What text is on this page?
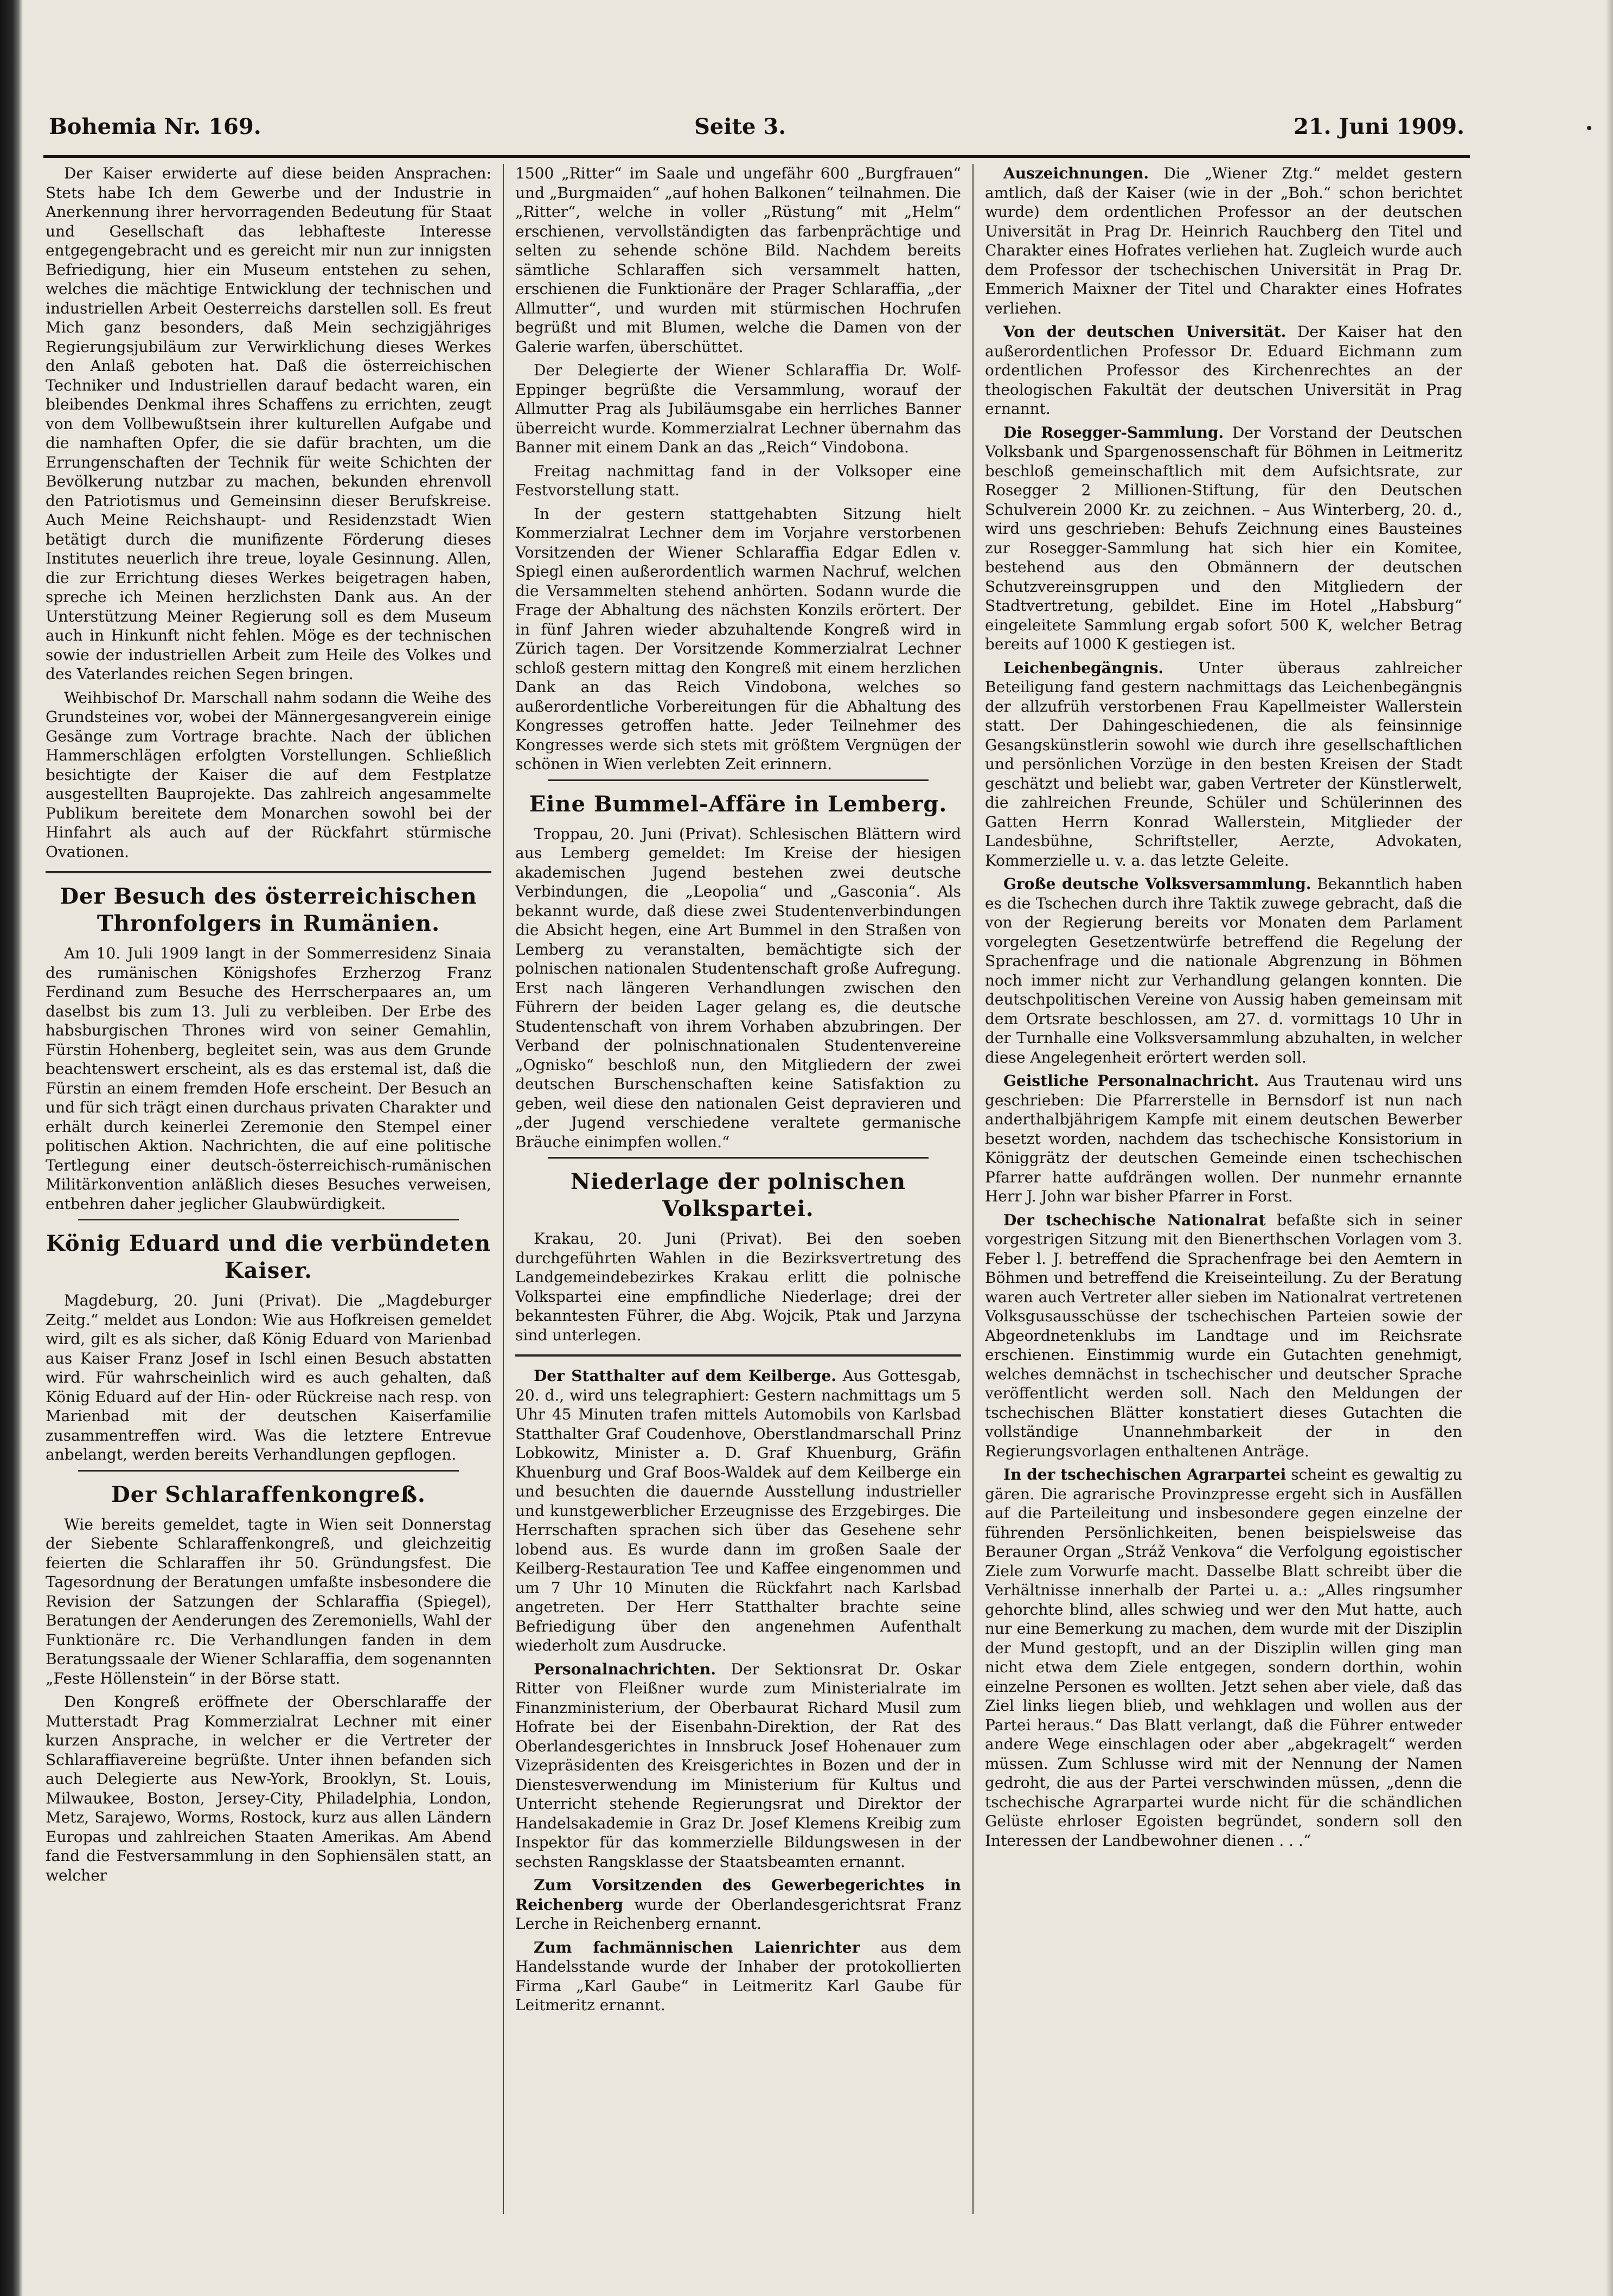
Bohemia Nr. 169.	Seite 3.	21. Juni 1909.

Der Kaiser erwiderte auf diese beiden Ansprachen: Stets habe Ich dem Gewerbe und der Industrie in Anerkennung ihrer hervorragenden Bedeutung für Staat und Gesellschaft das lebhafteste Interesse entgegengebracht und es gereicht mir nun zur innigsten Befriedigung, hier ein Museum entstehen zu sehen, welches die mächtige Entwicklung der technischen und industriellen Arbeit Oesterreichs darstellen soll. Es freut Mich ganz besonders, daß Mein sechzigjähriges Regierungsjubiläum zur Verwirklichung dieses Werkes den Anlaß geboten hat. Daß die österreichischen Techniker und Industriellen darauf bedacht waren, ein bleibendes Denkmal ihres Schaffens zu errichten, zeugt von dem Vollbewußtsein ihrer kulturellen Aufgabe und die namhaften Opfer, die sie dafür brachten, um die Errungenschaften der Technik für weite Schichten der Bevölkerung nutzbar zu machen, bekunden ehrenvoll den Patriotismus und Gemeinsinn dieser Berufskreise. Auch Meine Reichshaupt- und Residenzstadt Wien betätigt durch die munifizente Förderung dieses Institutes neuerlich ihre treue, loyale Gesinnung. Allen, die zur Errichtung dieses Werkes beigetragen haben, spreche ich Meinen herzlichsten Dank aus. An der Unterstützung Meiner Regierung soll es dem Museum auch in Hinkunft nicht fehlen. Möge es der technischen sowie der industriellen Arbeit zum Heile des Volkes und des Vaterlandes reichen Segen bringen.

Weihbischof Dr. Marschall nahm sodann die Weihe des Grundsteines vor, wobei der Männergesangverein einige Gesänge zum Vortrage brachte. Nach der üblichen Hammerschlägen erfolgten Vorstellungen. Schließlich besichtigte der Kaiser die auf dem Festplatze ausgestellten Bauprojekte. Das zahlreich angesammelte Publikum bereitete dem Monarchen sowohl bei der Hinfahrt als auch auf der Rückfahrt stürmische Ovationen.

Der Besuch des österreichischen Thronfolgers in Rumänien.

Am 10. Juli 1909 langt in der Sommerresidenz Sinaia des rumänischen Königshofes Erzherzog Franz Ferdinand zum Besuche des Herrscherpaares an, um daselbst bis zum 13. Juli zu verbleiben. Der Erbe des habsburgischen Thrones wird von seiner Gemahlin, Fürstin Hohenberg, begleitet sein, was aus dem Grunde beachtenswert erscheint, als es das erstemal ist, daß die Fürstin an einem fremden Hofe erscheint. Der Besuch an und für sich trägt einen durchaus privaten Charakter und erhält durch keinerlei Zeremonie den Stempel einer politischen Aktion. Nachrichten, die auf eine politische Tertlegung einer deutsch-österreichisch-rumänischen Militärkonvention anläßlich dieses Besuches verweisen, entbehren daher jeglicher Glaubwürdigkeit.

König Eduard und die verbündeten Kaiser.

Magdeburg, 20. Juni (Privat). Die „Magdeburger Zeitg.“ meldet aus London: Wie aus Hofkreisen gemeldet wird, gilt es als sicher, daß König Eduard von Marienbad aus Kaiser Franz Josef in Ischl einen Besuch abstatten wird. Für wahrscheinlich wird es auch gehalten, daß König Eduard auf der Hin- oder Rückreise nach resp. von Marienbad mit der deutschen Kaiserfamilie zusammentreffen wird. Was die letztere Entrevue anbelangt, werden bereits Verhandlungen gepflogen.

Der Schlaraffenkongreß.

Wie bereits gemeldet, tagte in Wien seit Donnerstag der Siebente Schlaraffenkongreß, und gleichzeitig feierten die Schlaraffen ihr 50. Gründungsfest. Die Tagesordnung der Beratungen umfaßte insbesondere die Revision der Satzungen der Schlaraffia (Spiegel), Beratungen der Aenderungen des Zeremoniells, Wahl der Funktionäre rc. Die Verhandlungen fanden in dem Beratungssaale der Wiener Schlaraffia, dem sogenannten „Feste Höllenstein“ in der Börse statt.

Den Kongreß eröffnete der Oberschlaraffe der Mutterstadt Prag Kommerzialrat Lechner mit einer kurzen Ansprache, in welcher er die Vertreter der Schlaraffiavereine begrüßte. Unter ihnen befanden sich auch Delegierte aus New-York, Brooklyn, St. Louis, Milwaukee, Boston, Jersey-City, Philadelphia, London, Metz, Sarajewo, Worms, Rostock, kurz aus allen Ländern Europas und zahlreichen Staaten Amerikas. Am Abend fand die Festversammlung in den Sophiensälen statt, an welcher

1500 „Ritter“ im Saale und ungefähr 600 „Burgfrauen“ und „Burgmaiden“ „auf hohen Balkonen“ teilnahmen. Die „Ritter“, welche in voller „Rüstung“ mit „Helm“ erschienen, vervollständigten das farbenprächtige und selten zu sehende schöne Bild. Nachdem bereits sämtliche Schlaraffen sich versammelt hatten, erschienen die Funktionäre der Prager Schlaraffia, „der Allmutter“, und wurden mit stürmischen Hochrufen begrüßt und mit Blumen, welche die Damen von der Galerie warfen, überschüttet.

Der Delegierte der Wiener Schlaraffia Dr. Wolf-Eppinger begrüßte die Versammlung, worauf der Allmutter Prag als Jubiläumsgabe ein herrliches Banner überreicht wurde. Kommerzialrat Lechner übernahm das Banner mit einem Dank an das „Reich“ Vindobona.

Freitag nachmittag fand in der Volksoper eine Festvorstellung statt.

In der gestern stattgehabten Sitzung hielt Kommerzialrat Lechner dem im Vorjahre verstorbenen Vorsitzenden der Wiener Schlaraffia Edgar Edlen v. Spiegl einen außerordentlich warmen Nachruf, welchen die Versammelten stehend anhörten. Sodann wurde die Frage der Abhaltung des nächsten Konzils erörtert. Der in fünf Jahren wieder abzuhaltende Kongreß wird in Zürich tagen. Der Vorsitzende Kommerzialrat Lechner schloß gestern mittag den Kongreß mit einem herzlichen Dank an das Reich Vindobona, welches so außerordentliche Vorbereitungen für die Abhaltung des Kongresses getroffen hatte. Jeder Teilnehmer des Kongresses werde sich stets mit größtem Vergnügen der schönen in Wien verlebten Zeit erinnern.

Eine Bummel-Affäre in Lemberg.

Troppau, 20. Juni (Privat). Schlesischen Blättern wird aus Lemberg gemeldet: Im Kreise der hiesigen akademischen Jugend bestehen zwei deutsche Verbindungen, die „Leopolia“ und „Gasconia“. Als bekannt wurde, daß diese zwei Studentenverbindungen die Absicht hegen, eine Art Bummel in den Straßen von Lemberg zu veranstalten, bemächtigte sich der polnischen nationalen Studentenschaft große Aufregung. Erst nach längeren Verhandlungen zwischen den Führern der beiden Lager gelang es, die deutsche Studentenschaft von ihrem Vorhaben abzubringen. Der Verband der polnischnationalen Studentenvereine „Ognisko“ beschloß nun, den Mitgliedern der zwei deutschen Burschenschaften keine Satisfaktion zu geben, weil diese den nationalen Geist depravieren und „der Jugend verschiedene veraltete germanische Bräuche einimpfen wollen.“

Niederlage der polnischen Volkspartei.

Krakau, 20. Juni (Privat). Bei den soeben durchgeführten Wahlen in die Bezirksvertretung des Landgemeindebezirkes Krakau erlitt die polnische Volkspartei eine empfindliche Niederlage; drei der bekanntesten Führer, die Abg. Wojcik, Ptak und Jarzyna sind unterlegen.

Der Statthalter auf dem Keilberge. Aus Gottesgab, 20. d., wird uns telegraphiert: Gestern nachmittags um 5 Uhr 45 Minuten trafen mittels Automobils von Karlsbad Statthalter Graf Coudenhove, Oberstlandmarschall Prinz Lobkowitz, Minister a. D. Graf Khuenburg, Gräfin Khuenburg und Graf Boos-Waldek auf dem Keilberge ein und besuchten die dauernde Ausstellung industrieller und kunstgewerblicher Erzeugnisse des Erzgebirges. Die Herrschaften sprachen sich über das Gesehene sehr lobend aus. Es wurde dann im großen Saale der Keilberg-Restauration Tee und Kaffee eingenommen und um 7 Uhr 10 Minuten die Rückfahrt nach Karlsbad angetreten. Der Herr Statthalter brachte seine Befriedigung über den angenehmen Aufenthalt wiederholt zum Ausdrucke.

Personalnachrichten. Der Sektionsrat Dr. Oskar Ritter von Fleißner wurde zum Ministerialrate im Finanzministerium, der Oberbaurat Richard Musil zum Hofrate bei der Eisenbahn-Direktion, der Rat des Oberlandesgerichtes in Innsbruck Josef Hohenauer zum Vizepräsidenten des Kreisgerichtes in Bozen und der in Dienstesverwendung im Ministerium für Kultus und Unterricht stehende Regierungsrat und Direktor der Handelsakademie in Graz Dr. Josef Klemens Kreibig zum Inspektor für das kommerzielle Bildungswesen in der sechsten Rangsklasse der Staatsbeamten ernannt.

Zum Vorsitzenden des Gewerbegerichtes in Reichenberg wurde der Oberlandesgerichtsrat Franz Lerche in Reichenberg ernannt.

Zum fachmännischen Laienrichter aus dem Handelsstande wurde der Inhaber der protokollierten Firma „Karl Gaube“ in Leitmeritz Karl Gaube für Leitmeritz ernannt.

Auszeichnungen. Die „Wiener Ztg.“ meldet gestern amtlich, daß der Kaiser (wie in der „Boh.“ schon berichtet wurde) dem ordentlichen Professor an der deutschen Universität in Prag Dr. Heinrich Rauchberg den Titel und Charakter eines Hofrates verliehen hat. Zugleich wurde auch dem Professor der tschechischen Universität in Prag Dr. Emmerich Maixner der Titel und Charakter eines Hofrates verliehen.

Von der deutschen Universität. Der Kaiser hat den außerordentlichen Professor Dr. Eduard Eichmann zum ordentlichen Professor des Kirchenrechtes an der theologischen Fakultät der deutschen Universität in Prag ernannt.

Die Rosegger-Sammlung. Der Vorstand der Deutschen Volksbank und Spargenossenschaft für Böhmen in Leitmeritz beschloß gemeinschaftlich mit dem Aufsichtsrate, zur Rosegger 2 Millionen-Stiftung, für den Deutschen Schulverein 2000 Kr. zu zeichnen. – Aus Winterberg, 20. d., wird uns geschrieben: Behufs Zeichnung eines Bausteines zur Rosegger-Sammlung hat sich hier ein Komitee, bestehend aus den Obmännern der deutschen Schutzvereinsgruppen und den Mitgliedern der Stadtvertretung, gebildet. Eine im Hotel „Habsburg“ eingeleitete Sammlung ergab sofort 500 K, welcher Betrag bereits auf 1000 K gestiegen ist.

Leichenbegängnis. Unter überaus zahlreicher Beteiligung fand gestern nachmittags das Leichenbegängnis der allzufrüh verstorbenen Frau Kapellmeister Wallerstein statt. Der Dahingeschiedenen, die als feinsinnige Gesangskünstlerin sowohl wie durch ihre gesellschaftlichen und persönlichen Vorzüge in den besten Kreisen der Stadt geschätzt und beliebt war, gaben Vertreter der Künstlerwelt, die zahlreichen Freunde, Schüler und Schülerinnen des Gatten Herrn Konrad Wallerstein, Mitglieder der Landesbühne, Schriftsteller, Aerzte, Advokaten, Kommerzielle u. v. a. das letzte Geleite.

Große deutsche Volksversammlung. Bekanntlich haben es die Tschechen durch ihre Taktik zuwege gebracht, daß die von der Regierung bereits vor Monaten dem Parlament vorgelegten Gesetzentwürfe betreffend die Regelung der Sprachenfrage und die nationale Abgrenzung in Böhmen noch immer nicht zur Verhandlung gelangen konnten. Die deutschpolitischen Vereine von Aussig haben gemeinsam mit dem Ortsrate beschlossen, am 27. d. vormittags 10 Uhr in der Turnhalle eine Volksversammlung abzuhalten, in welcher diese Angelegenheit erörtert werden soll.

Geistliche Personalnachricht. Aus Trautenau wird uns geschrieben: Die Pfarrerstelle in Bernsdorf ist nun nach anderthalbjährigem Kampfe mit einem deutschen Bewerber besetzt worden, nachdem das tschechische Konsistorium in Königgrätz der deutschen Gemeinde einen tschechischen Pfarrer hatte aufdrängen wollen. Der nunmehr ernannte Herr J. John war bisher Pfarrer in Forst.

Der tschechische Nationalrat befaßte sich in seiner vorgestrigen Sitzung mit den Bienerthschen Vorlagen vom 3. Feber l. J. betreffend die Sprachenfrage bei den Aemtern in Böhmen und betreffend die Kreiseinteilung. Zu der Beratung waren auch Vertreter aller sieben im Nationalrat vertretenen Volksgusausschüsse der tschechischen Parteien sowie der Abgeordnetenklubs im Landtage und im Reichsrate erschienen. Einstimmig wurde ein Gutachten genehmigt, welches demnächst in tschechischer und deutscher Sprache veröffentlicht werden soll. Nach den Meldungen der tschechischen Blätter konstatiert dieses Gutachten die vollständige Unannehmbarkeit der in den Regierungsvorlagen enthaltenen Anträge.

In der tschechischen Agrarpartei scheint es gewaltig zu gären. Die agrarische Provinzpresse ergeht sich in Ausfällen auf die Parteileitung und insbesondere gegen einzelne der führenden Persönlichkeiten, benen beispielsweise das Berauner Organ „Stráž Venkova“ die Verfolgung egoistischer Ziele zum Vorwurfe macht. Dasselbe Blatt schreibt über die Verhältnisse innerhalb der Partei u. a.: „Alles ringsumher gehorchte blind, alles schwieg und wer den Mut hatte, auch nur eine Bemerkung zu machen, dem wurde mit der Disziplin der Mund gestopft, und an der Disziplin willen ging man nicht etwa dem Ziele entgegen, sondern dorthin, wohin einzelne Personen es wollten. Jetzt sehen aber viele, daß das Ziel links liegen blieb, und wehklagen und wollen aus der Partei heraus.“ Das Blatt verlangt, daß die Führer entweder andere Wege einschlagen oder aber „abgekragelt“ werden müssen. Zum Schlusse wird mit der Nennung der Namen gedroht, die aus der Partei verschwinden müssen, „denn die tschechische Agrarpartei wurde nicht für die schändlichen Gelüste ehrloser Egoisten begründet, sondern soll den Interessen der Landbewohner dienen . . .“
